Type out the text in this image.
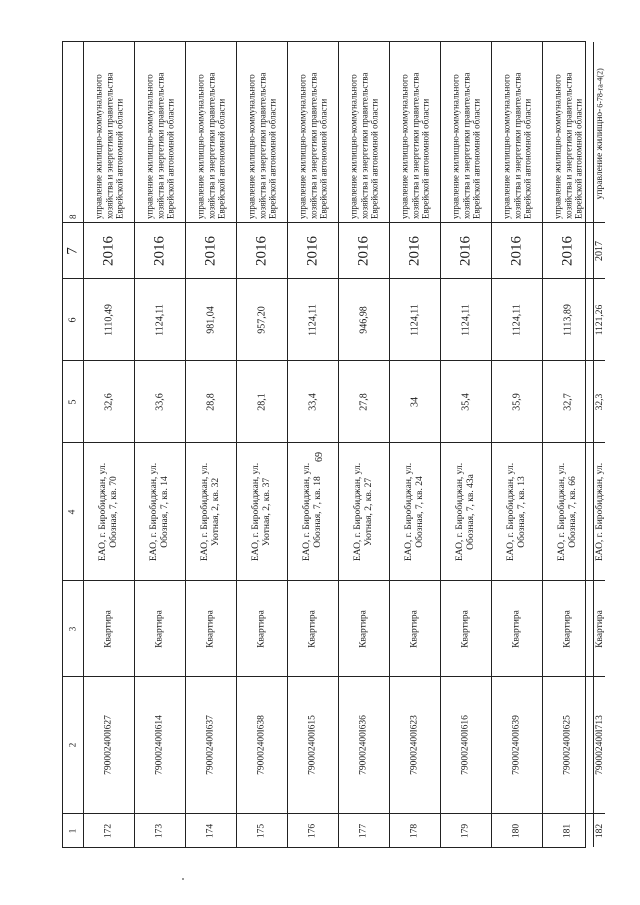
69
1
2
3
4
5
6
7
8
172
790002400l627
Квартира
ЕАО, г. Биробиджан, ул. Обозная, 7, кв. 70
32,6
1110,49
2016
управление жилищно-коммунального хозяйства и энергетики правительства Еврейской автономной области
173
790002400l614
Квартира
ЕАО, г. Биробиджан, ул. Обозная, 7, кв. 14
33,6
1124,11
2016
управление жилищно-коммунального хозяйства и энергетики правительства Еврейской автономной области
174
790002400l637
Квартира
ЕАО, г. Биробиджан, ул. Уютная, 2, кв. 32
28,8
981,04
2016
управление жилищно-коммунального хозяйства и энергетики правительства Еврейской автономной области
175
790002400l638
Квартира
ЕАО, г. Биробиджан, ул. Уютная, 2, кв. 37
28,1
957,20
2016
управление жилищно-коммунального хозяйства и энергетики правительства Еврейской автономной области
176
790002400l615
Квартира
ЕАО, г. Биробиджан, ул. Обозная, 7, кв. 18
33,4
1124,11
2016
управление жилищно-коммунального хозяйства и энергетики правительства Еврейской автономной области
177
790002400l636
Квартира
ЕАО, г. Биробиджан, ул. Уютная, 2, кв. 27
27,8
946,98
2016
управление жилищно-коммунального хозяйства и энергетики правительства Еврейской автономной области
178
790002400l623
Квартира
ЕАО, г. Биробиджан, ул. Обозная, 7, кв. 24
34
1124,11
2016
управление жилищно-коммунального хозяйства и энергетики правительства Еврейской автономной области
179
790002400l616
Квартира
ЕАО, г. Биробиджан, ул. Обозная, 7, кв. 43а
35,4
1124,11
2016
управление жилищно-коммунального хозяйства и энергетики правительства Еврейской автономной области
180
790002400l639
Квартира
ЕАО, г. Биробиджан, ул. Обозная, 7, кв. 13
35,9
1124,11
2016
управление жилищно-коммунального хозяйства и энергетики правительства Еврейской автономной области
181
790002400l625
Квартира
ЕАО, г. Биробиджан, ул. Обозная, 7, кв. 66
32,7
1113,89
2016
управление жилищно-коммунального хозяйства и энергетики правительства Еврейской автономной области
182
790002400l713
Квартира
ЕАО, г. Биробиджан, ул.
32,3
1121,26
2017
управление жилищно-
6-78-ra-4(2)
